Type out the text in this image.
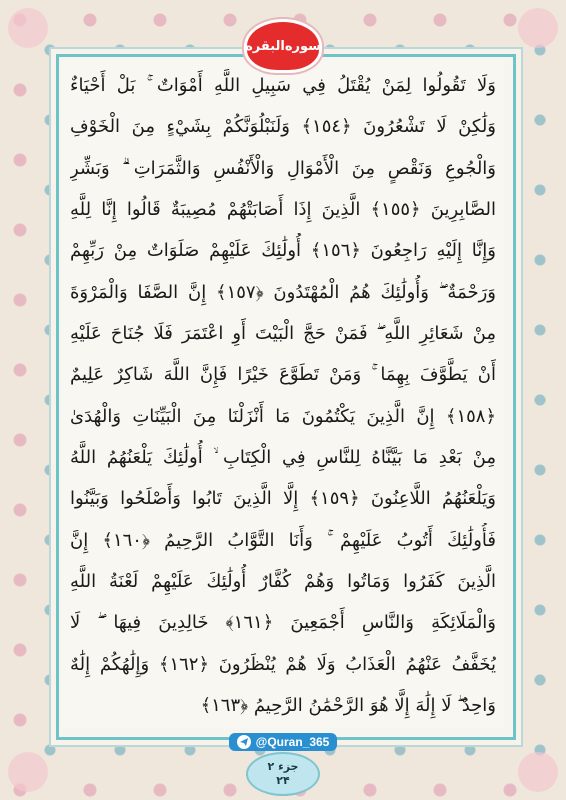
سوره‌البقره
وَلَا تَقُولُوا لِمَنْ يُقْتَلُ فِي سَبِيلِ اللَّهِ أَمْوَاتٌ ۚ بَلْ أَحْيَاءٌ
وَلَٰكِنْ لَا تَشْعُرُونَ ﴿١٥٤﴾ وَلَنَبْلُوَنَّكُمْ بِشَيْءٍ مِنَ الْخَوْفِ
وَالْجُوعِ وَنَقْصٍ مِنَ الْأَمْوَالِ وَالْأَنْفُسِ وَالثَّمَرَاتِ ۗ وَبَشِّرِ
الصَّابِرِينَ ﴿١٥٥﴾ الَّذِينَ إِذَا أَصَابَتْهُمْ مُصِيبَةٌ قَالُوا إِنَّا لِلَّهِ
وَإِنَّا إِلَيْهِ رَاجِعُونَ ﴿١٥٦﴾ أُولَٰئِكَ عَلَيْهِمْ صَلَوَاتٌ مِنْ رَبِّهِمْ
وَرَحْمَةٌ ۖ وَأُولَٰئِكَ هُمُ الْمُهْتَدُونَ ﴿١٥٧﴾ إِنَّ الصَّفَا وَالْمَرْوَةَ
مِنْ شَعَائِرِ اللَّهِ ۖ فَمَنْ حَجَّ الْبَيْتَ أَوِ اعْتَمَرَ فَلَا جُنَاحَ عَلَيْهِ
أَنْ يَطَّوَّفَ بِهِمَا ۚ وَمَنْ تَطَوَّعَ خَيْرًا فَإِنَّ اللَّهَ شَاكِرٌ عَلِيمٌ
﴿١٥٨﴾ إِنَّ الَّذِينَ يَكْتُمُونَ مَا أَنْزَلْنَا مِنَ الْبَيِّنَاتِ وَالْهُدَىٰ
مِنْ بَعْدِ مَا بَيَّنَّاهُ لِلنَّاسِ فِي الْكِتَابِ ۙ أُولَٰئِكَ يَلْعَنُهُمُ اللَّهُ
وَيَلْعَنُهُمُ اللَّاعِنُونَ ﴿١٥٩﴾ إِلَّا الَّذِينَ تَابُوا وَأَصْلَحُوا وَبَيَّنُوا
فَأُولَٰئِكَ أَتُوبُ عَلَيْهِمْ ۚ وَأَنَا التَّوَّابُ الرَّحِيمُ ﴿١٦٠﴾ إِنَّ
الَّذِينَ كَفَرُوا وَمَاتُوا وَهُمْ كُفَّارٌ أُولَٰئِكَ عَلَيْهِمْ لَعْنَةُ اللَّهِ
وَالْمَلَائِكَةِ وَالنَّاسِ أَجْمَعِينَ ﴿١٦١﴾ خَالِدِينَ فِيهَا ۖ لَا
يُخَفَّفُ عَنْهُمُ الْعَذَابُ وَلَا هُمْ يُنْظَرُونَ ﴿١٦٢﴾ وَإِلَٰهُكُمْ إِلَٰهٌ
وَاحِدٌ ۖ لَا إِلَٰهَ إِلَّا هُوَ الرَّحْمَٰنُ الرَّحِيمُ ﴿١٦٣﴾
@Quran_365
جزء ۲
۲۴
